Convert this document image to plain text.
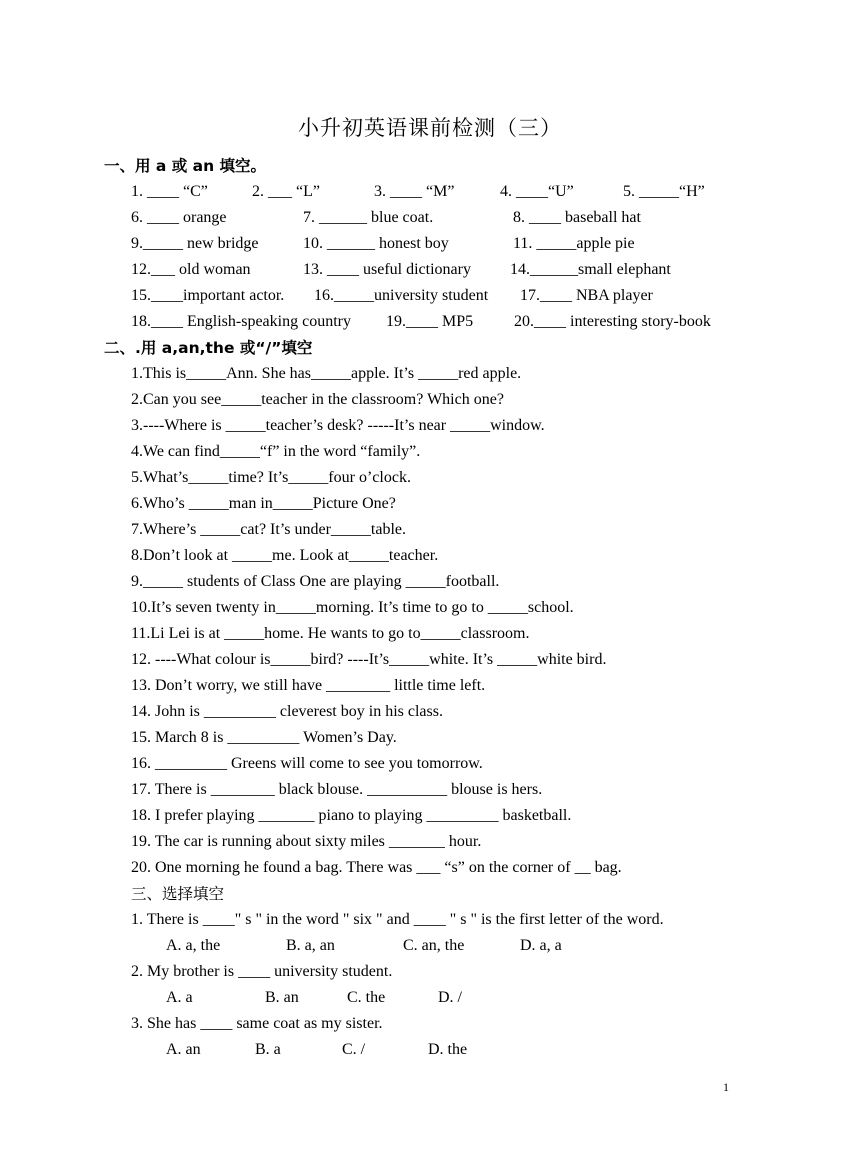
小升初英语课前检测（三）
一、用 a 或 an 填空。
1. ____ “C”	2. ___ “L”	3. ____ “M”	4. ____“U”	5. _____“H”
6. ____ orange	7. ______ blue coat.	8. ____ baseball hat
9._____ new bridge	10. ______ honest boy	11. _____apple pie
12.___ old woman	13. ____ useful dictionary 14.______small elephant
15.____important actor. 16._____university student 17.____ NBA player
18.____ English-speaking country 19.____ MP5	20.____ interesting story-book
二、.用 a,an,the 或“/”填空
1.This is_____Ann. She has_____apple. It’s _____red apple.
2.Can you see_____teacher in the classroom? Which one?
3.----Where is _____teacher’s desk? -----It’s near _____window.
4.We can find_____“f” in the word “family”.
5.What’s_____time? It’s_____four o’clock.
6.Who’s _____man in_____Picture One?
7.Where’s _____cat? It’s under_____table.
8.Don’t look at _____me. Look at_____teacher.
9._____ students of Class One are playing _____football.
10.It’s seven twenty in_____morning. It’s time to go to _____school.
11.Li Lei is at _____home. He wants to go to_____classroom.
12. ----What colour is_____bird? ----It’s_____white. It’s _____white bird.
13. Don’t worry, we still have ________ little time left.
14. John is _________ cleverest boy in his class.
15. March 8 is _________ Women’s Day.
16. _________ Greens will come to see you tomorrow.
17. There is ________ black blouse. __________ blouse is hers.
18. I prefer playing _______ piano to playing _________ basketball.
19. The car is running about sixty miles _______ hour.
20. One morning he found a bag. There was ___ “s” on the corner of __ bag.
三、选择填空
1. There is ____" s " in the word " six " and ____ " s " is the first letter of the word.
A. a, the	B. a, an	C. an, the	D. a, a
2. My brother is ____ university student.
A. a	B. an	C. the	D. /
3. She has ____ same coat as my sister.
A. an	B. a	C. /	D. the
1
